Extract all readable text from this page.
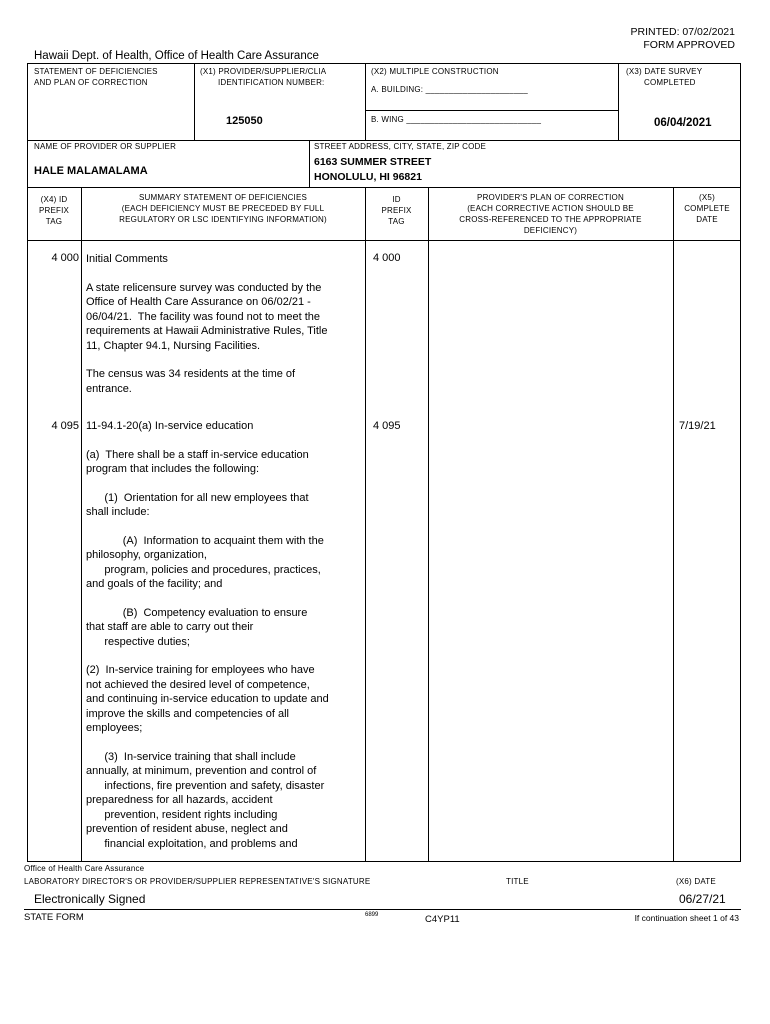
PRINTED: 07/02/2021
FORM APPROVED
Hawaii Dept. of Health, Office of Health Care Assurance
STATEMENT OF DEFICIENCIES
AND PLAN OF CORRECTION
(X1) PROVIDER/SUPPLIER/CLIA
IDENTIFICATION NUMBER:
125050
(X2) MULTIPLE CONSTRUCTION
A. BUILDING: ______________________
B. WING _____________________________
(X3) DATE SURVEY
COMPLETED
06/04/2021
NAME OF PROVIDER OR SUPPLIER
HALE MALAMALAMA
STREET ADDRESS, CITY, STATE, ZIP CODE
6163 SUMMER STREET
HONOLULU, HI 96821
(X4) ID
PREFIX
TAG
SUMMARY STATEMENT OF DEFICIENCIES
(EACH DEFICIENCY MUST BE PRECEDED BY FULL
REGULATORY OR LSC IDENTIFYING INFORMATION)
ID
PREFIX
TAG
PROVIDER'S PLAN OF CORRECTION
(EACH CORRECTIVE ACTION SHOULD BE
CROSS-REFERENCED TO THE APPROPRIATE
DEFICIENCY)
(X5)
COMPLETE
DATE
4 000	4 000
Initial Comments
A state relicensure survey was conducted by the
Office of Health Care Assurance on 06/02/21 -
06/04/21.  The facility was found not to meet the
requirements at Hawaii Administrative Rules, Title
11, Chapter 94.1, Nursing Facilities.
The census was 34 residents at the time of
entrance.
4 095	4 095	7/19/21
11-94.1-20(a) In-service education
(a)  There shall be a staff in-service education
program that includes the following:
(1)  Orientation for all new employees that
shall include:
(A)  Information to acquaint them with the
philosophy, organization,
program, policies and procedures, practices,
and goals of the facility; and
(B)  Competency evaluation to ensure
that staff are able to carry out their
respective duties;
(2)  In-service training for employees who have
not achieved the desired level of competence,
and continuing in-service education to update and
improve the skills and competencies of all
employees;
(3)  In-service training that shall include
annually, at minimum, prevention and control of
infections, fire prevention and safety, disaster
preparedness for all hazards, accident
prevention, resident rights including
prevention of resident abuse, neglect and
financial exploitation, and problems and
Office of Health Care Assurance
LABORATORY DIRECTOR'S OR PROVIDER/SUPPLIER REPRESENTATIVE'S SIGNATURE	TITLE	(X6) DATE
Electronically Signed	06/27/21
STATE FORM	6899	C4YP11	If continuation sheet 1 of 43
